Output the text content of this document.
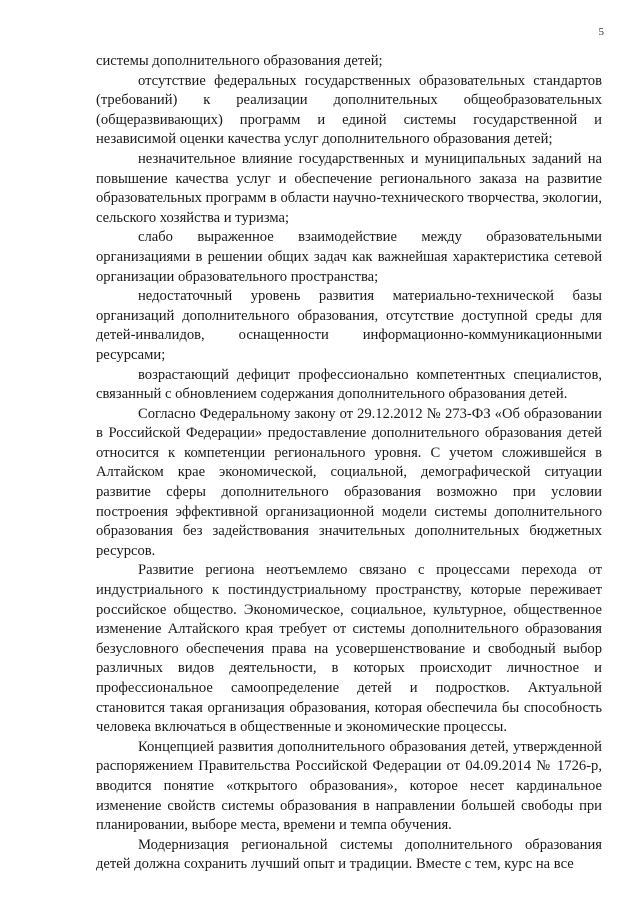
5

системы дополнительного образования детей;

отсутствие федеральных государственных образовательных стандартов (требований) к реализации дополнительных общеобразовательных (общеразвивающих) программ и единой системы государственной и независимой оценки качества услуг дополнительного образования детей;

незначительное влияние государственных и муниципальных заданий на повышение качества услуг и обеспечение регионального заказа на развитие образовательных программ в области научно-технического творчества, экологии, сельского хозяйства и туризма;

слабо выраженное взаимодействие между образовательными организациями в решении общих задач как важнейшая характеристика сетевой организации образовательного пространства;

недостаточный уровень развития материально-технической базы организаций дополнительного образования, отсутствие доступной среды для детей-инвалидов, оснащенности информационно-коммуникационными ресурсами;

возрастающий дефицит профессионально компетентных специалистов, связанный с обновлением содержания дополнительного образования детей.

Согласно Федеральному закону от 29.12.2012 № 273-ФЗ «Об образовании в Российской Федерации» предоставление дополнительного образования детей относится к компетенции регионального уровня. С учетом сложившейся в Алтайском крае экономической, социальной, демографической ситуации развитие сферы дополнительного образования возможно при условии построения эффективной организационной модели системы дополнительного образования без задействования значительных дополнительных бюджетных ресурсов.

Развитие региона неотъемлемо связано с процессами перехода от индустриального к постиндустриальному пространству, которые переживает российское общество. Экономическое, социальное, культурное, общественное изменение Алтайского края требует от системы дополнительного образования безусловного обеспечения права на усовершенствование и свободный выбор различных видов деятельности, в которых происходит личностное и профессиональное самоопределение детей и подростков. Актуальной становится такая организация образования, которая обеспечила бы способность человека включаться в общественные и экономические процессы.

Концепцией развития дополнительного образования детей, утвержденной распоряжением Правительства Российской Федерации от 04.09.2014 № 1726-р, вводится понятие «открытого образования», которое несет кардинальное изменение свойств системы образования в направлении большей свободы при планировании, выборе места, времени и темпа обучения.

Модернизация региональной системы дополнительного образования детей должна сохранить лучший опыт и традиции. Вместе с тем, курс на все
